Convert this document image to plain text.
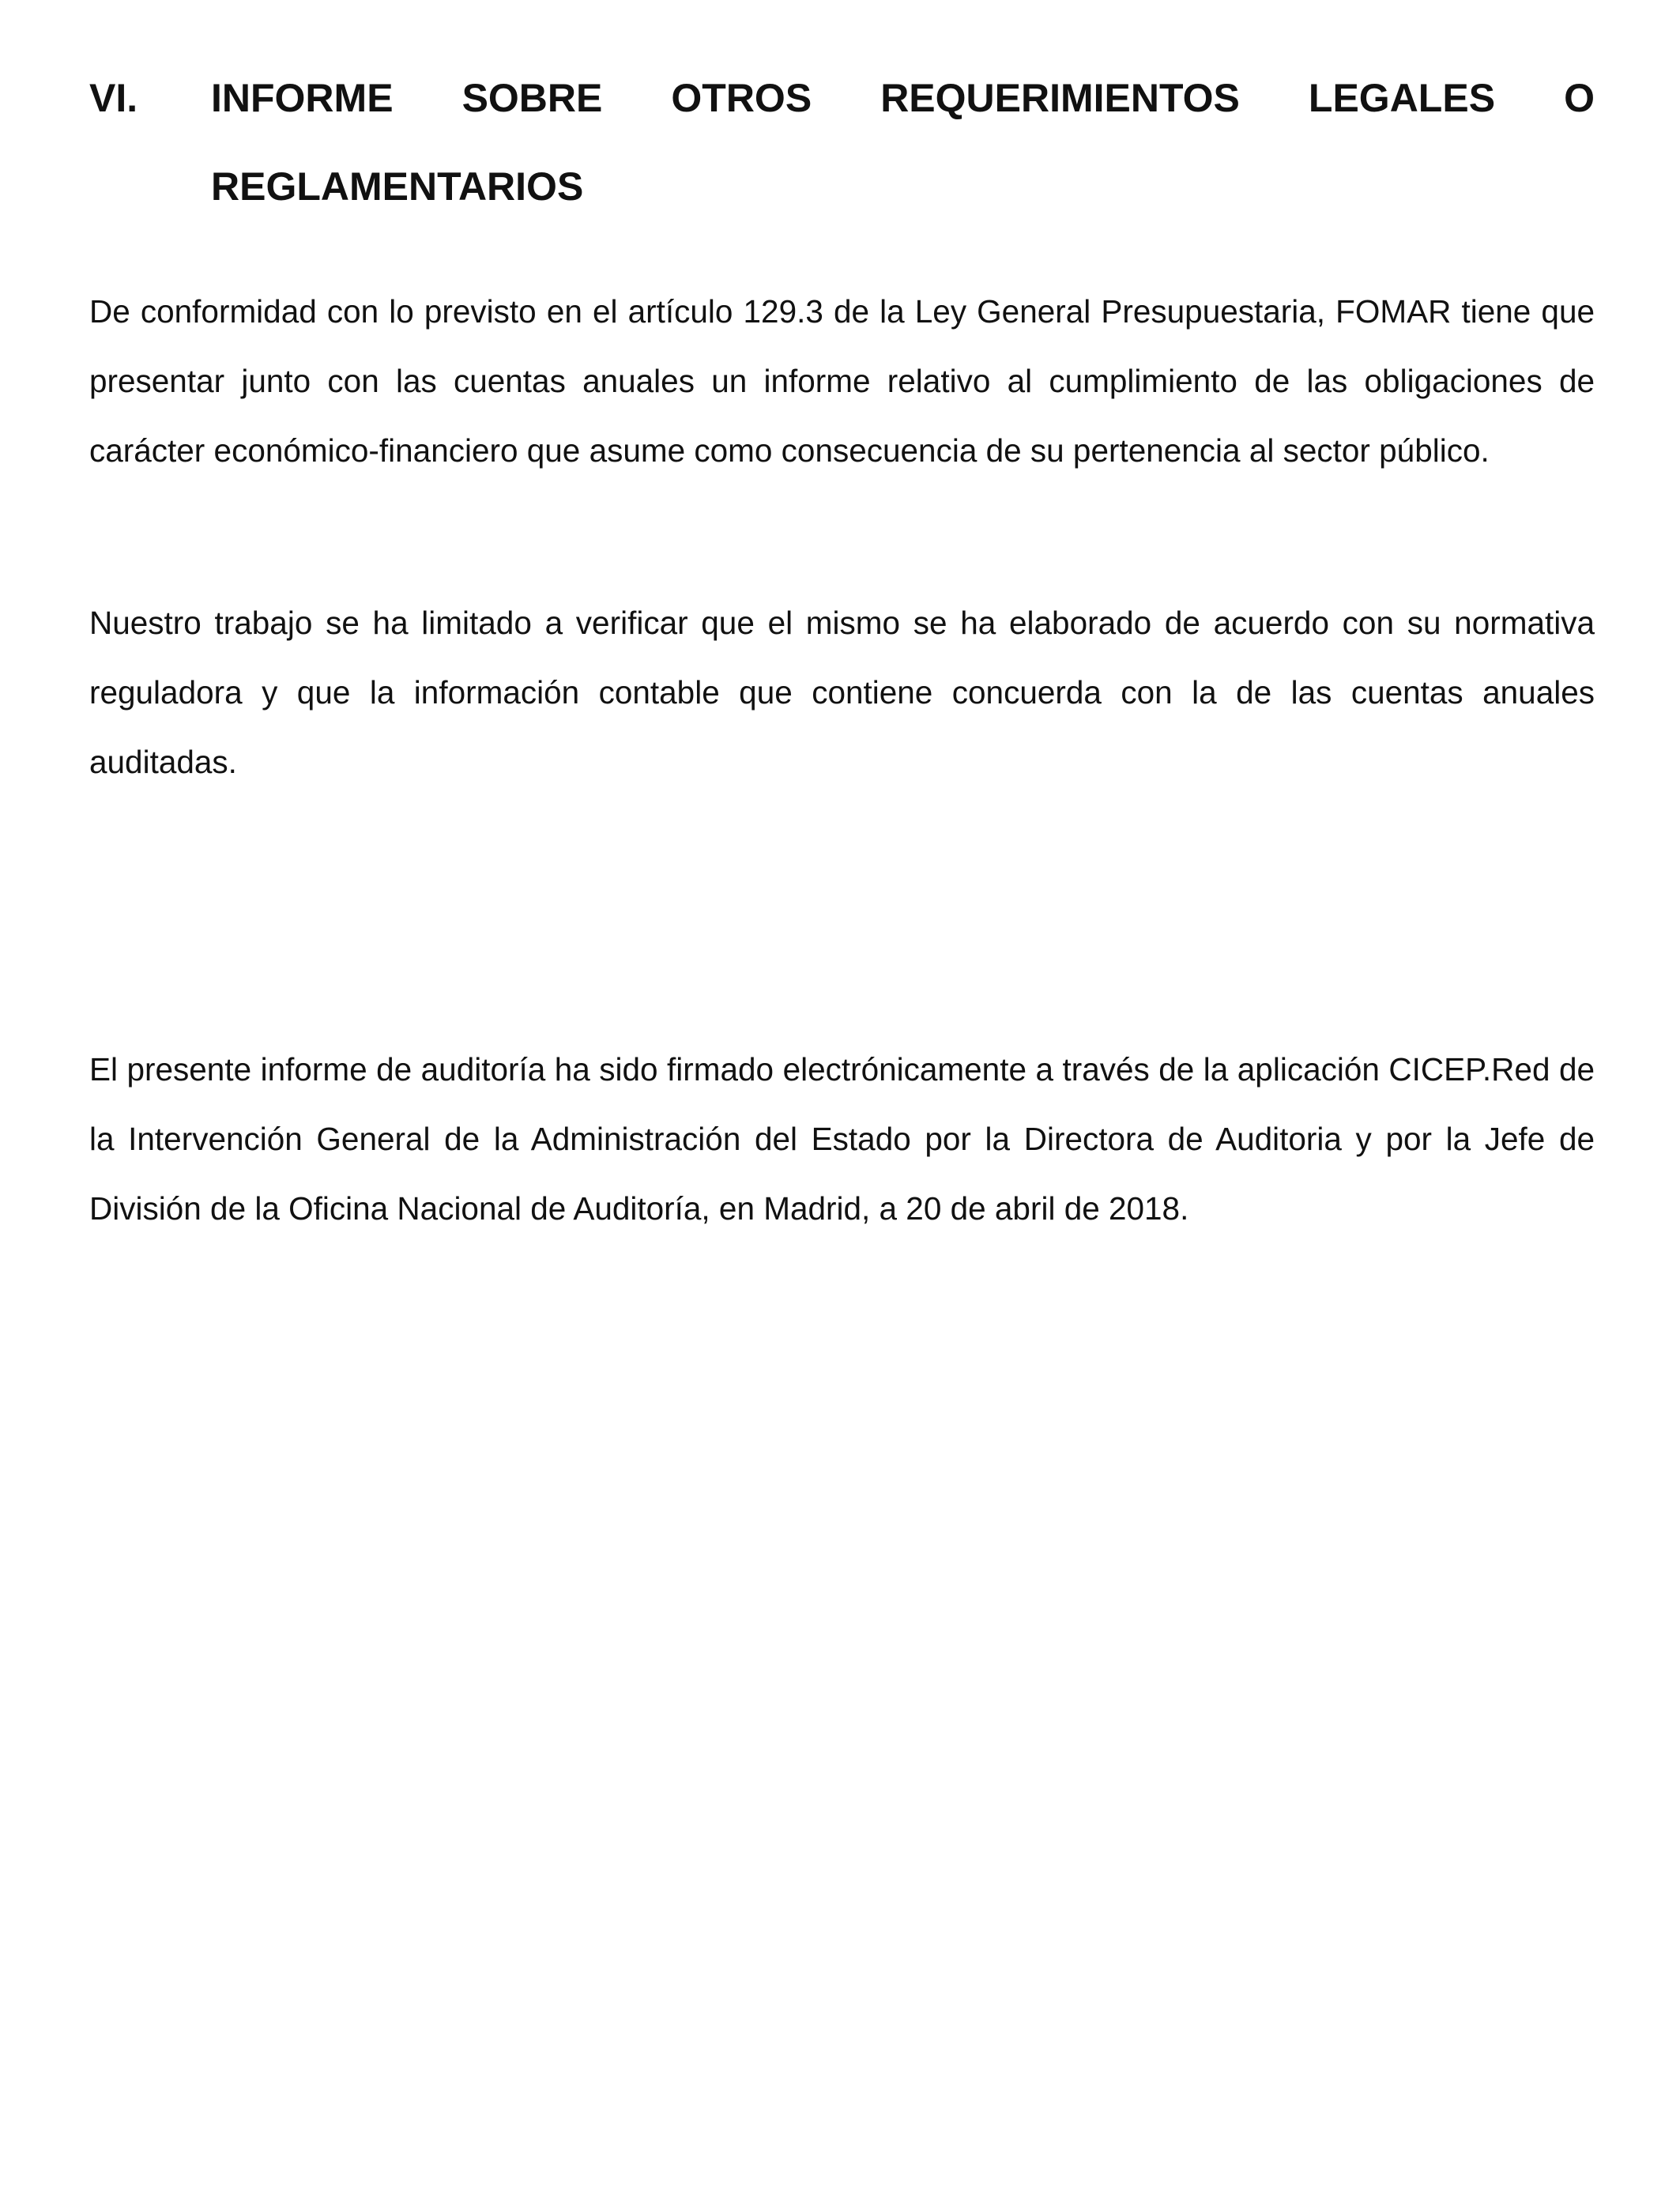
VI.	INFORME SOBRE OTROS REQUERIMIENTOS LEGALES O
REGLAMENTARIOS

De conformidad con lo previsto en el artículo 129.3 de la Ley General Presupuestaria, FOMAR tiene que presentar junto con las cuentas anuales un informe relativo al cumplimiento de las obligaciones de carácter económico-financiero que asume como consecuencia de su pertenencia al sector público.

Nuestro trabajo se ha limitado a verificar que el mismo se ha elaborado de acuerdo con su normativa reguladora y que la información contable que contiene concuerda con la de las cuentas anuales auditadas.

El presente informe de auditoría ha sido firmado electrónicamente a través de la aplicación CICEP.Red de la Intervención General de la Administración del Estado por la Directora de Auditoria y por la Jefe de División de la Oficina Nacional de Auditoría, en Madrid, a 20 de abril de 2018.
